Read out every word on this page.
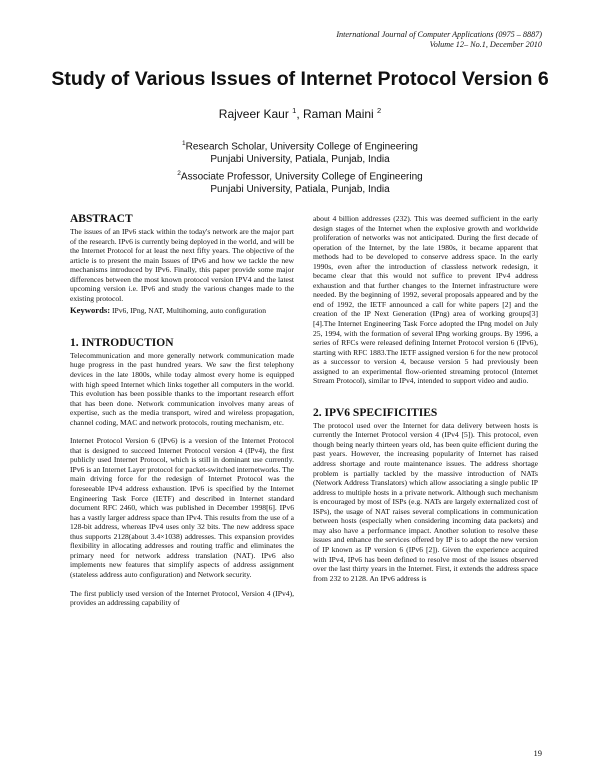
International Journal of Computer Applications (0975 – 8887)
Volume 12– No.1, December 2010
Study of Various Issues of Internet Protocol Version 6
Rajveer Kaur $^1$, Raman Maini $^2$
$^1$Research Scholar, University College of Engineering
Punjabi University, Patiala, Punjab, India
$^2$Associate Professor, University College of Engineering
Punjabi University, Patiala, Punjab, India
ABSTRACT

The issues of an IPv6 stack within the today's network are the major part of the research. IPv6 is currently being deployed in the world, and will be the Internet Protocol for at least the next fifty years. The objective of the article is to present the main Issues of IPv6 and how we tackle the new mechanisms introduced by IPv6. Finally, this paper provide some major differences between the most known protocol version IPV4 and the latest upcoming version i.e. IPv6 and study the various changes made to the existing protocol.

Keywords: IPv6, IPng, NAT, Multihoming, auto configuration

1. INTRODUCTION

Telecommunication and more generally network communication made huge progress in the past hundred years. We saw the first telephony devices in the late 1800s, while today almost every home is equipped with high speed Internet which links together all computers in the world. This evolution has been possible thanks to the important research effort that has been done. Network communication involves many areas of expertise, such as the media transport, wired and wireless propagation, channel coding, MAC and network protocols, routing mechanism, etc.

Internet Protocol Version 6 (IPv6) is a version of the Internet Protocol that is designed to succeed Internet Protocol version 4 (IPv4), the first publicly used Internet Protocol, which is still in dominant use currently. IPv6 is an Internet Layer protocol for packet-switched internetworks. The main driving force for the redesign of Internet Protocol was the foreseeable IPv4 address exhaustion. IPv6 is specified by the Internet Engineering Task Force (IETF) and described in Internet standard document RFC 2460, which was published in December 1998[6]. IPv6 has a vastly larger address space than IPv4. This results from the use of a 128-bit address, whereas IPv4 uses only 32 bits. The new address space thus supports 2128(about 3.4×1038) addresses. This expansion provides flexibility in allocating addresses and routing traffic and eliminates the primary need for network address translation (NAT). IPv6 also implements new features that simplify aspects of address assignment (stateless address auto configuration) and Network security.

The first publicly used version of the Internet Protocol, Version 4 (IPv4), provides an addressing capability of

about 4 billion addresses (232). This was deemed sufficient in the early design stages of the Internet when the explosive growth and worldwide proliferation of networks was not anticipated. During the first decade of operation of the Internet, by the late 1980s, it became apparent that methods had to be developed to conserve address space. In the early 1990s, even after the introduction of classless network redesign, it became clear that this would not suffice to prevent IPv4 address exhaustion and that further changes to the Internet infrastructure were needed. By the beginning of 1992, several proposals appeared and by the end of 1992, the IETF announced a call for white papers [2] and the creation of the IP Next Generation (IPng) area of working groups[3][4].The Internet Engineering Task Force adopted the IPng model on July 25, 1994, with the formation of several IPng working groups. By 1996, a series of RFCs were released defining Internet Protocol version 6 (IPv6), starting with RFC 1883.The IETF assigned version 6 for the new protocol as a successor to version 4, because version 5 had previously been assigned to an experimental flow-oriented streaming protocol (Internet Stream Protocol), similar to IPv4, intended to support video and audio.

2. IPV6 SPECIFICITIES

The protocol used over the Internet for data delivery between hosts is currently the Internet Protocol version 4 (IPv4 [5]). This protocol, even though being nearly thirteen years old, has been quite efficient during the past years. However, the increasing popularity of Internet has raised address shortage and route maintenance issues. The address shortage problem is partially tackled by the massive introduction of NATs (Network Address Translators) which allow associating a single public IP address to multiple hosts in a private network. Although such mechanism is encouraged by most of ISPs (e.g. NATs are largely externalized cost of ISPs), the usage of NAT raises several complications in communication between hosts (especially when considering incoming data packets) and may also have a performance impact. Another solution to resolve these issues and enhance the services offered by IP is to adopt the new version of IP known as IP version 6 (IPv6 [2]). Given the experience acquired with IPv4, IPv6 has been defined to resolve most of the issues observed over the last thirty years in the Internet. First, it extends the address space from 232 to 2128. An IPv6 address is

19
